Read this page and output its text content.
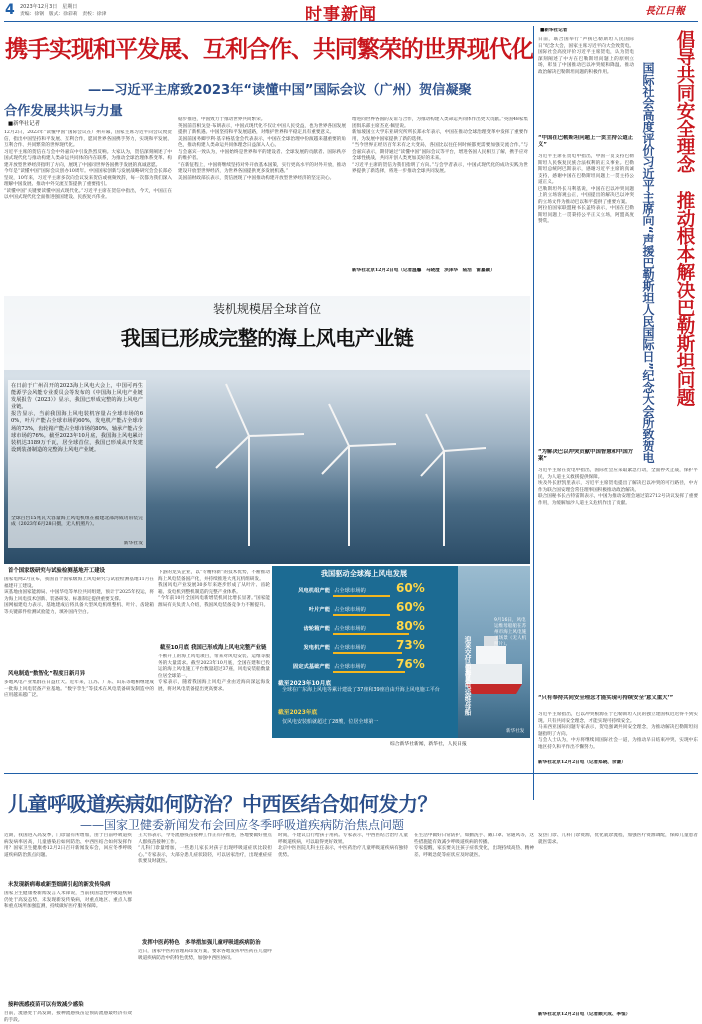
4 2023年12月3日　星期日
责编：徐钢　版式：徐彩莉　责校：徐津	时事新闻	長江日報
携手实现和平发展、互利合作、共同繁荣的世界现代化
——习近平主席致2023年“读懂中国”国际会议（广州）贺信凝聚
合作发展共识与力量
■新华社记者
12月2日，2023年“读懂中国”国际会议在广州开幕，国家主席习近平向会议致贺信，指出中国坚持和平发展、互利合作，愿同世界各国携手努力，实现和平发展、互利合作、共同繁荣的世界现代化。
习近平主席的贺信在与会中外嘉宾中引发热烈反响。大家认为，贺信深刻阐述了中国式现代化与推动构建人类命运共同体的内在联系，为推动全球治理体系变革、构建开放型世界经济指明了方向，展现了中国同世界各国携手发展的真诚意愿。
今年是“读懂中国”国际会议创办10周年。中国国家创新与发展战略研究会会长郑必坚说，10年来，习近平主席多次向会议发来贺信或视频致辞，每一次都为我们深入理解中国发展、推动中外交流互鉴提供了重要指引。
“读懂中国”关键要读懂中国式现代化。”习近平主席在贺信中指出，今天，中国正在以中国式现代化全面推进强国建设、民族复兴伟业。
稳步推进，中国致力于推动世界共同繁荣。
英国前首相戈登·布朗表示，中国式现代化不仅让中国人民受益，也为世界各国发展提供了新机遇。中国坚持和平发展道路，对维护世界和平稳定具有重要意义。
美国前国务卿亨利·基辛格基金会代表表示，中国在全球治理中扮演越来越重要的角色，推动构建人类命运共同体理念日益深入人心。
与会嘉宾一致认为，中国始终是世界和平的建设者、全球发展的贡献者、国际秩序的维护者。
“在新征程上，中国将继续坚持对外开放基本国策，实行更高水平的对外开放，推动建设开放型世界经济，为世界各国提供更多发展机遇。”
美国前财政部长表示，贺信展现了中国推动构建开放型世界经济的坚定决心。
增进同世界各国的友谊与合作，为推动构建人类命运共同体作出更大贡献。”英国48家集团俱乐部主席杰克·佩里说。
新加坡国立大学东亚研究所所长郑永年表示，中国在推动全球治理变革中发挥了重要作用，为发展中国家提供了新的选择。
“当今世界正经历百年未有之大变局，各国比以往任何时候都更需要加强交流合作。”与会嘉宾表示，期待通过“读懂中国”国际会议等平台，增进各国人民相互了解，携手应对全球性挑战，共同开创人类更加美好的未来。
“习近平主席的贺信为我们指明了方向。”与会学者表示，中国式现代化的成功实践为世界提供了新选择，将进一步推动全球共同发展。
新华社北京12月2日电（记者温馨　马晓澄　洪泽华　陆浩　雷嘉颖）
装机规模居全球首位
我国已形成完整的海上风电产业链
在日前于广州召开的2023海上风电大会上，中国可再生能源学会风能专业委员会等发布的《中国海上风电产业链发展报告（2023）》显示，我国已形成完整的海上风电产业链。
报告显示，当前我国海上风电装机容量占全球市场的60%，叶片产能占全球市场的60%，发电机产能占全球市场的73%，齿轮箱产能占全球市场的80%，轴承产能占全球市场的76%。截至2023年10月底，我国海上风电累计装机达3189万千瓦，居全球首位，我国已形成从开发建设到装备制造的完整海上风电产业链。
全球百台15兆瓦大容量海上风电机组在福建北部湾成功吊装完成（2023年6月28日摄，无人机照片）。
新华社发
首个国家级研究与试验检测基地开工建设
国家电网2月宣布，我国首个国家级海上风电研究与试验检测基地11月在福建开工建设。
该基地由国家能源局、中国华电等单位共同组建，预计于2025年投运，将为海上风电技术创新、装备研发、标准制定提供重要支撑。
国网福建电力表示，基地建成后将具备大型风电机组整机、叶片、齿轮箱等关键部件检测试验能力，填补国内空白。
风电制造“数智化”程度日新月异
多地风电产业集群在日益壮大。近年来，江苏、广东、山东等地相继建成一批海上风电装备产业基地。“数字孪生”等技术在风电装备研发制造中的应用越来越广泛。
下游的龙头企业，以“专精特新”的技术优势，不断推动海上风电装备国产化，并持续推进大兆瓦机组研发。
我国风电产业发展30多年来逐步形成了从叶片、齿轮箱、发电机到整机制造的完整产业体系。
“今年前10月全国风电新增装机同比增长显著。”国家能源局有关负责人介绍，我国风电装备竞争力不断提升。
截至10月底 我国已形成海上风电完整产业链
不断开工的海上风电项目，带来对风电安装、运维等服务的大量需求。截至2023年10月底，全国在建和已投运的海上风电施工平台数量超过37座，风电安装船数量位居全球第一。
专家表示，随着我国海上风电产业由近海向深远海发展，将对风电装备提出更高要求。
我国驱动全球海上风电发展
风电机组产能 占全球市场的	60%
叶片产能 占全球市场的	60%
齿轮箱产能 占全球市场的	80%
发电机产能 占全球市场的	73%
固定式基础产能 占全球市场的	76%
截至2023年10月底
全球在广东海上风电等累计建设了37座和39座自由升海上风电施工平台
截至2023年底
仅风电安装船就超过了28艘，位居全球第一
9月16日，风电运维母船船在苏州市海上风电施工场景（无人机照片）。
迎来交付出海风电运维母船
新华社发
综合新华社新闻，新华社，人民日报
■新华社记者
日前，联合国举行“声援巴勒斯坦人民国际日”纪念大会，国家主席习近平向大会致贺电。国际社会高度评价习近平主席贺电，认为贺电深刻阐述了中方在巴勒斯坦问题上的原则立场，彰显了中国推动巴以冲突缓和降温、推动政治解决巴勒斯坦问题的积极作用。	倡导共同安全理念　推动根本解决巴勒斯坦问题
国际社会高度评价习近平主席向“声援巴勒斯坦人民国际日”纪念大会所致贺电
“中国在巴勒斯坦问题上一贯主持公道正义”
习近平主席在贺电中指出，中国一贯支持巴勒斯坦人民恢复民族合法权利的正义事业。巴勒斯坦总统阿巴斯表示，感谢习近平主席的真诚支持，感谢中国在巴勒斯坦问题上一贯主持公道正义。
巴勒斯坦外长马利基说，中国在巴以冲突问题上的立场客观公正，中国提出的解决巴以冲突的立场文件为推动巴以和平提供了重要方案。
阿拉伯国家联盟秘书长盖特表示，中国在巴勒斯坦问题上一贯秉持公平正义立场，阿盟高度赞赏。
“为解决巴以冲突贡献中国智慧和中国方案”
习近平主席在贺电中指出，国际社会应采取紧急行动，全面停火止战，保护平民，为人道主义救援提供保障。
埃及外长舒凯里表示，习近平主席贺电提出了解决巴以冲突的可行路径，中方作为联合国安理会常任理事国积极推动政治解决。
联合国秘书长古特雷斯表示，中国为推动安理会通过第2712号决议发挥了重要作用，为缓解加沙人道主义危机作出了贡献。
“只有奉持共同安全理念才能实现可持续安全‘意义重大’”
习近平主席指出，巴以冲突根源在于巴勒斯坦人民的独立建国权迟迟得不到实现。只有共同安全理念，才能实现可持续安全。
马来西亚国际问题专家表示，贺电强调共同安全理念，为推动解决巴勒斯坦问题指明了方向。
与会人士认为，中方将继续同国际社会一道，为推动早日结束冲突、实现中东地区持久和平作出不懈努力。
新华社北京12月2日电（记者郑晓、余谦）
儿童呼吸道疾病如何防治？中西医结合如何发力？
——国家卫健委新闻发布会回应冬季呼吸道疾病防治焦点问题
近期，我国进入高发季，门诊量有所增加，由于目前呼吸道疾病发病率居高，儿童感染后如何防治、中西医结合如何发挥作用？国家卫生健康委12月2日召开新闻发布会，回应冬季呼吸道疾病防治焦点问题。
未发现新病毒或新型细菌引起的新发传染病
国家卫生健康委新闻发言人米锋说，当前我国急性呼吸道疾病仍处于高发态势，未发现新发传染病，对重点地区、重点人群和重点场所加强监测，持续做好医疗服务保障。
接种流感疫苗可以有效减少感染
目前，流感处于高发期，接种流感疫苗是预防流感最经济有效的手段。
王大伟表示，今冬流感疫苗接种工作正有序推进，各地要做好重点人群疫苗接种工作。
“儿科门诊量增加，一些患儿家长对孩子出现呼吸道症状比较担心。”专家表示，大部分患儿症状较轻，可以居家治疗，出现重症症状要及时就医。
发挥中医药特色　多举措加强儿童呼吸道疾病防治
近日，国家中医药管理局印发方案，要求各地发挥中医药在儿童呼吸道疾病防治中的特色优势，加强中西医协同。
时间，不建议自行给孩子用药。专家表示，中西医结合治疗儿童呼吸道疾病，可以取得更好效果。
北京中医医院儿科主任表示，中医药治疗儿童呼吸道疾病有独特优势。
在生活中做好日常防护，如勤洗手、戴口罩、常通风等，这些措施能有效减少呼吸道疾病的传播。
专家提醒，家长要关注孩子症状变化，出现持续高热、精神差、呼吸急促等症状应及时就医。
发热门诊、儿科门诊资源，优化就诊流程，加强医疗资源调配，保障儿童患者就医需求。
新华社北京12月2日电（记者顾天成、李恒）
